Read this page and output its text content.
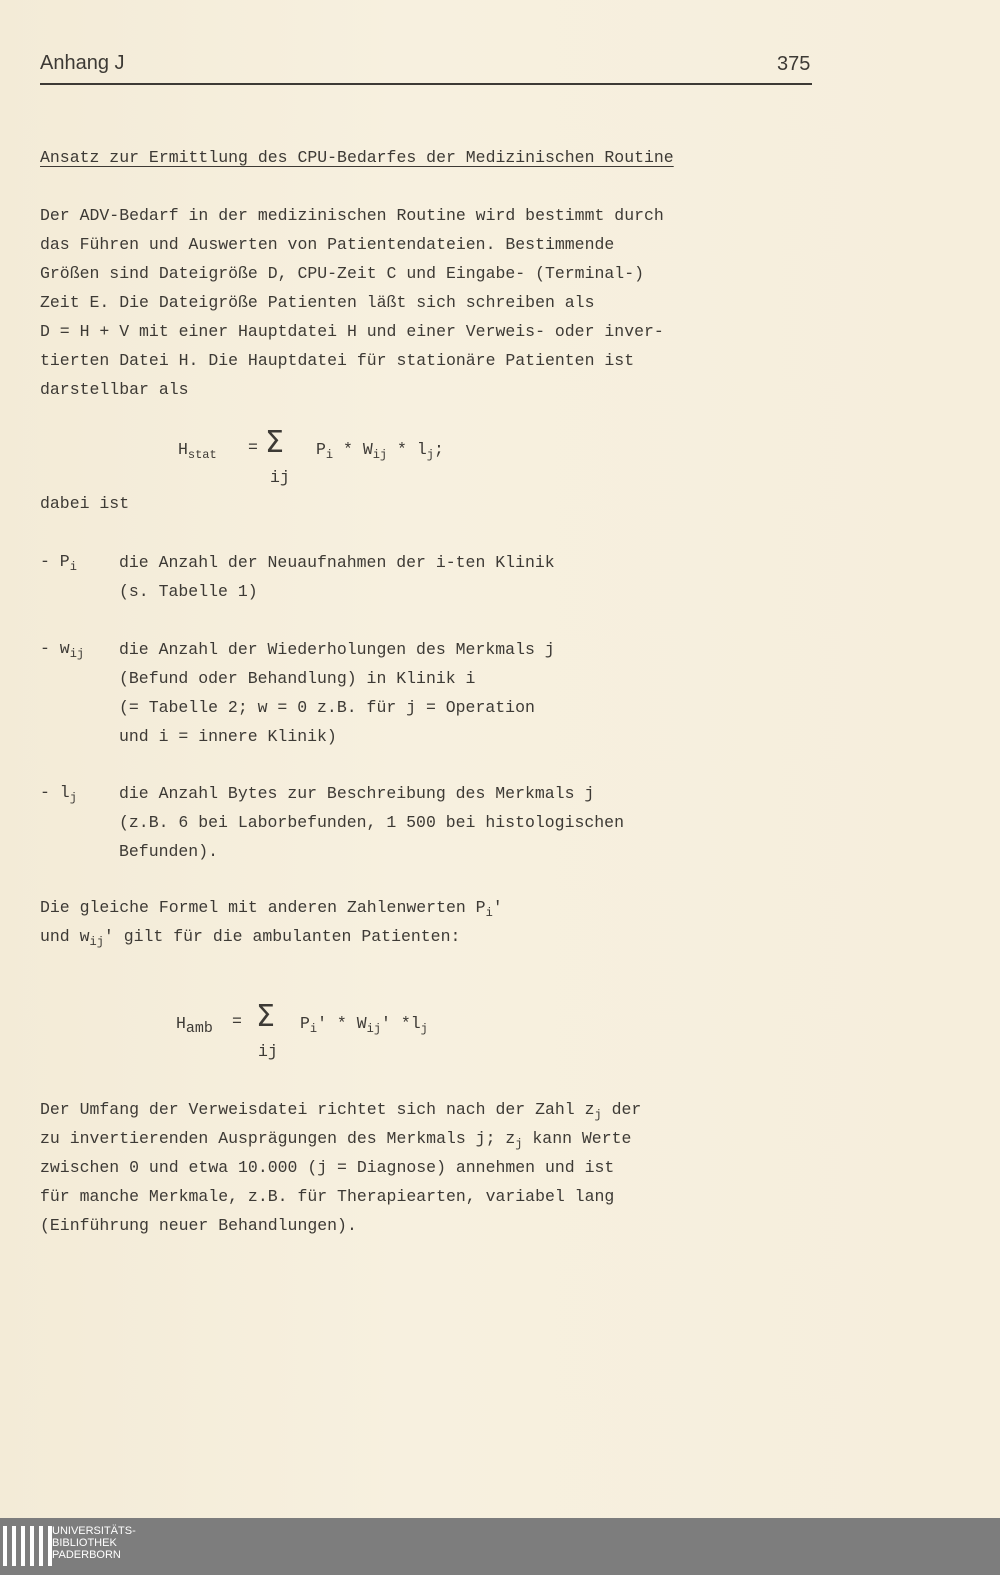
Anhang J	375
Ansatz zur Ermittlung des CPU-Bedarfes der Medizinischen Routine
Der ADV-Bedarf in der medizinischen Routine wird bestimmt durch
das Führen und Auswerten von Patientendateien. Bestimmende
Größen sind Dateigröße D, CPU-Zeit C und Eingabe- (Terminal-)
Zeit E. Die Dateigröße Patienten läßt sich schreiben als
D = H + V mit einer Hauptdatei H und einer Verweis- oder inver-
tierten Datei H. Die Hauptdatei für stationäre Patienten ist
darstellbar als
$H_{stat} = \Sigma$
ij
$P_i * W_{ij} * l_j$;
dabei ist
- $P_i$	die Anzahl der Neuaufnahmen der i-ten Klinik
(s. Tabelle 1)
- $w_{ij}$ die Anzahl der Wiederholungen des Merkmals j
(Befund oder Behandlung) in Klinik i
(= Tabelle 2; w = 0 z.B. für j = Operation
und i = innere Klinik)
- $l_j$	die Anzahl Bytes zur Beschreibung des Merkmals j
(z.B. 6 bei Laborbefunden, 1 500 bei histologischen
Befunden).
Die gleiche Formel mit anderen Zahlenwerten $P_i'$
und $w_{ij}'$ gilt für die ambulanten Patienten:
Hamb = Σ
ij
$P_i' * W_{ij}'$ $*l_j$
Der Umfang der Verweisdatei richtet sich nach der Zahl $z_j$ der
zu invertierenden Ausprägungen des Merkmals j; $z_j$ kann Werte
zwischen 0 und etwa 10.000 (j = Diagnose) annehmen und ist
für manche Merkmale, z.B. für Therapiearten, variabel lang
(Einführung neuer Behandlungen).
UNIVERSITÄTS-
BIBLIOTHEK
PADERBORN
